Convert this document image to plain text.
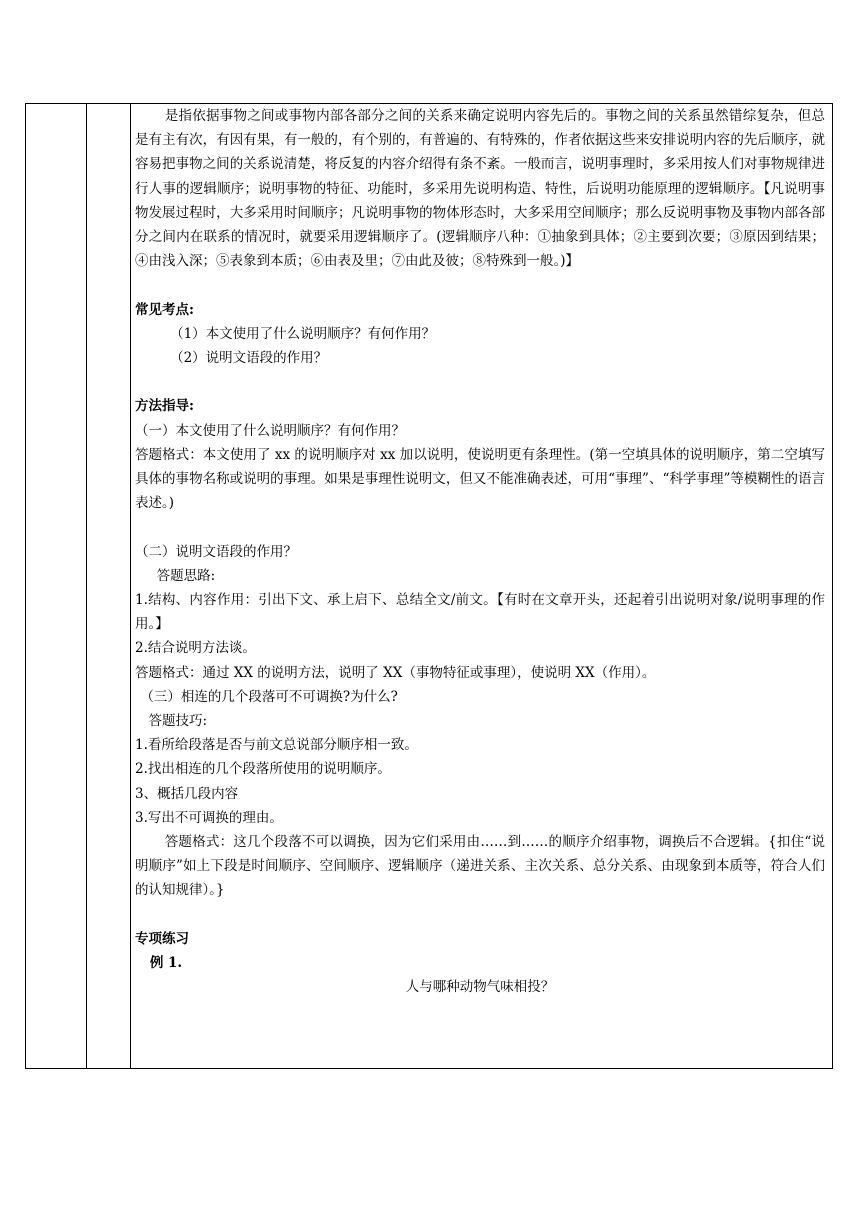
是指依据事物之间或事物内部各部分之间的关系来确定说明内容先后的。事物之间的关系虽然错综复杂，但总是有主有次，有因有果，有一般的，有个别的，有普遍的、有特殊的，作者依据这些来安排说明内容的先后顺序，就容易把事物之间的关系说清楚，将反复的内容介绍得有条不紊。一般而言，说明事理时，多采用按人们对事物规律进行人事的逻辑顺序；说明事物的特征、功能时，多采用先说明构造、特性，后说明功能原理的逻辑顺序。【凡说明事物发展过程时，大多采用时间顺序；凡说明事物的物体形态时，大多采用空间顺序；那么反说明事物及事物内部各部分之间内在联系的情况时，就要采用逻辑顺序了。(逻辑顺序八种：①抽象到具体；②主要到次要；③原因到结果；④由浅入深；⑤表象到本质；⑥由表及里；⑦由此及彼；⑧特殊到一般。)】

常见考点:

（1）本文使用了什么说明顺序？有何作用？

（2）说明文语段的作用？

方法指导:

（一）本文使用了什么说明顺序？有何作用？

答题格式：本文使用了 xx 的说明顺序对 xx 加以说明，使说明更有条理性。(第一空填具体的说明顺序，第二空填写具体的事物名称或说明的事理。如果是事理性说明文，但又不能准确表述，可用“事理”、“科学事理”等模糊性的语言表述。)

（二）说明文语段的作用？

答题思路:

1.结构、内容作用：引出下文、承上启下、总结全文/前文。【有时在文章开头，还起着引出说明对象/说明事理的作用。】

2.结合说明方法谈。

答题格式：通过 XX 的说明方法，说明了 XX（事物特征或事理），使说明 XX（作用）。

（三）相连的几个段落可不可调换?为什么?

答题技巧:

1.看所给段落是否与前文总说部分顺序相一致。

2.找出相连的几个段落所使用的说明顺序。

3、概括几段内容

3.写出不可调换的理由。

答题格式：这几个段落不可以调换，因为它们采用由……到……的顺序介绍事物，调换后不合逻辑。{扣住“说明顺序”如上下段是时间顺序、空间顺序、逻辑顺序（递进关系、主次关系、总分关系、由现象到本质等，符合人们的认知规律）。}

专项练习

例 1.

人与哪种动物气味相投？
